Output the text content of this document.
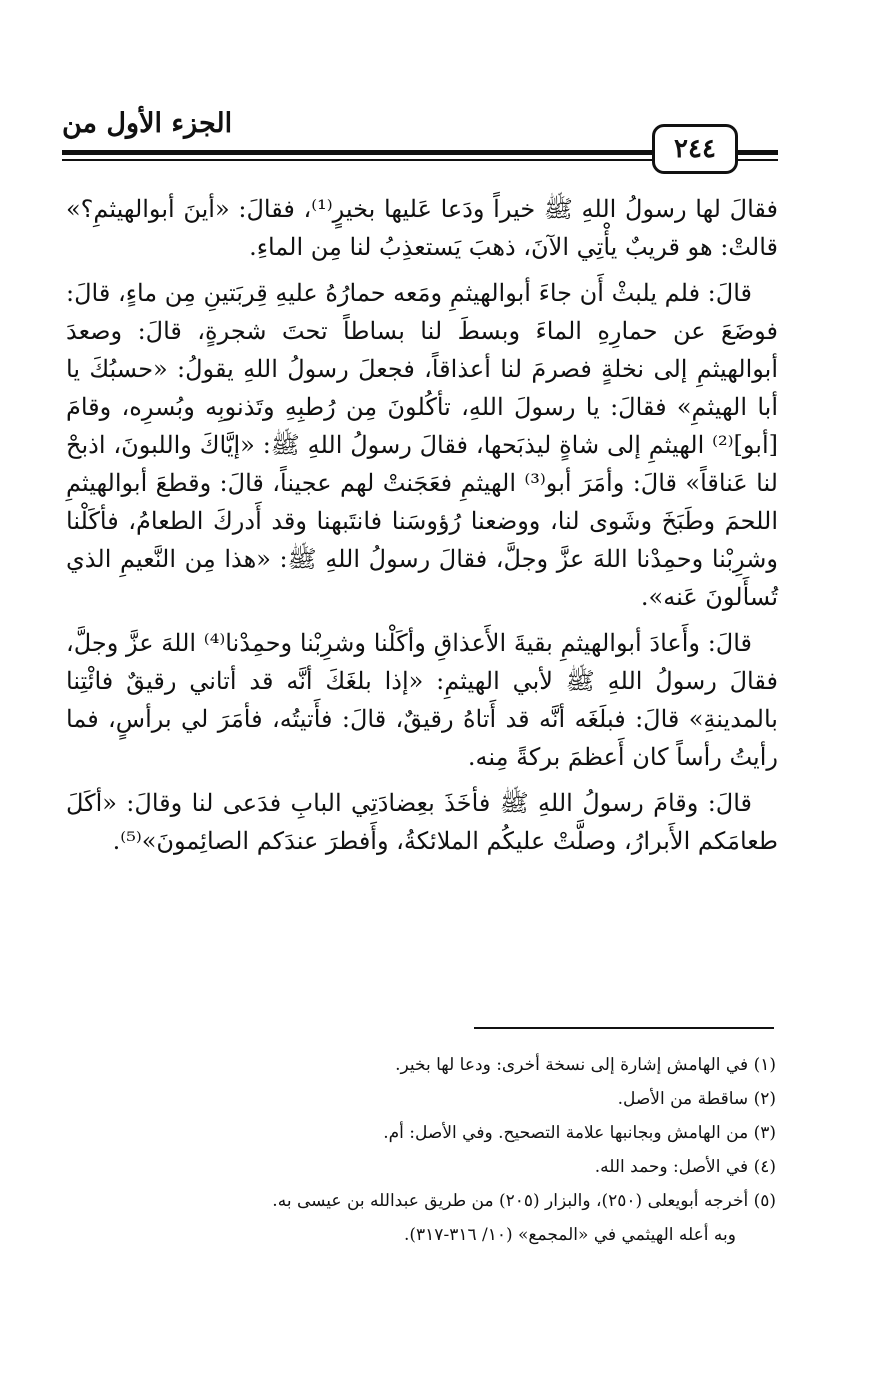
الجزء الأول من
٢٤٤

فقالَ لها رسولُ اللهِ ﷺ خيراً ودَعا عَليها بخيرٍ⁽¹⁾، فقالَ: «أينَ أبوالهيثمِ؟» قالتْ: هو قريبٌ يأْتِي الآنَ، ذهبَ يَستعذِبُ لنا مِن الماءِ.

قالَ: فلم يلبثْ أَن جاءَ أبوالهيثمِ ومَعه حمارُهُ عليهِ قِربَتينِ مِن ماءٍ، قالَ: فوضَعَ عن حمارِهِ الماءَ وبسطَ لنا بساطاً تحتَ شجرةٍ، قالَ: وصعدَ أبوالهيثمِ إلى نخلةٍ فصرمَ لنا أعذاقاً، فجعلَ رسولُ اللهِ يقولُ: «حسبُكَ يا أبا الهيثمِ» فقالَ: يا رسولَ اللهِ، تأكُلونَ مِن رُطبِهِ وتَذنوبِه وبُسرِه، وقامَ [أبو]⁽²⁾ الهيثمِ إلى شاةٍ ليذبَحها، فقالَ رسولُ اللهِ ﷺ: «إيَّاكَ واللبونَ، اذبحْ لنا عَناقاً» قالَ: وأمَرَ أبو⁽³⁾ الهيثمِ فعَجَنتْ لهم عجيناً، قالَ: وقطعَ أبوالهيثمِ اللحمَ وطَبَخَ وشَوى لنا، ووضعنا رُؤوسَنا فانتَبهنا وقد أَدركَ الطعامُ، فأكَلْنا وشرِبْنا وحمِدْنا اللهَ عزَّ وجلَّ، فقالَ رسولُ اللهِ ﷺ: «هذا مِن النَّعيمِ الذي تُسأَلونَ عَنه».

قالَ: وأَعادَ أبوالهيثمِ بقيةَ الأَعذاقِ وأكَلْنا وشرِبْنا وحمِدْنا⁽⁴⁾ اللهَ عزَّ وجلَّ، فقالَ رسولُ اللهِ ﷺ لأبي الهيثمِ: «إذا بلغَكَ أنَّه قد أتاني رقيقٌ فائْتِنا بالمدينةِ» قالَ: فبلَغَه أنَّه قد أَتاهُ رقيقٌ، قالَ: فأَتيتُه، فأمَرَ لي برأسٍ، فما رأيتُ رأساً كان أَعظمَ بركةً مِنه.

قالَ: وقامَ رسولُ اللهِ ﷺ فأخَذَ بعِضادَتِي البابِ فدَعى لنا وقالَ: «أكَلَ طعامَكم الأَبرارُ، وصلَّتْ عليكُم الملائكةُ، وأَفطرَ عندَكم الصائِمونَ»⁽⁵⁾.

(١) في الهامش إشارة إلى نسخة أخرى: ودعا لها بخير.

(٢) ساقطة من الأصل.

(٣) من الهامش وبجانبها علامة التصحيح. وفي الأصل: أم.

(٤) في الأصل: وحمد الله.

(٥) أخرجه أبويعلى (٢٥٠)، والبزار (٢٠٥) من طريق عبدالله بن عيسى به.

وبه أعله الهيثمي في «المجمع» (١٠/ ٣١٦-٣١٧).
